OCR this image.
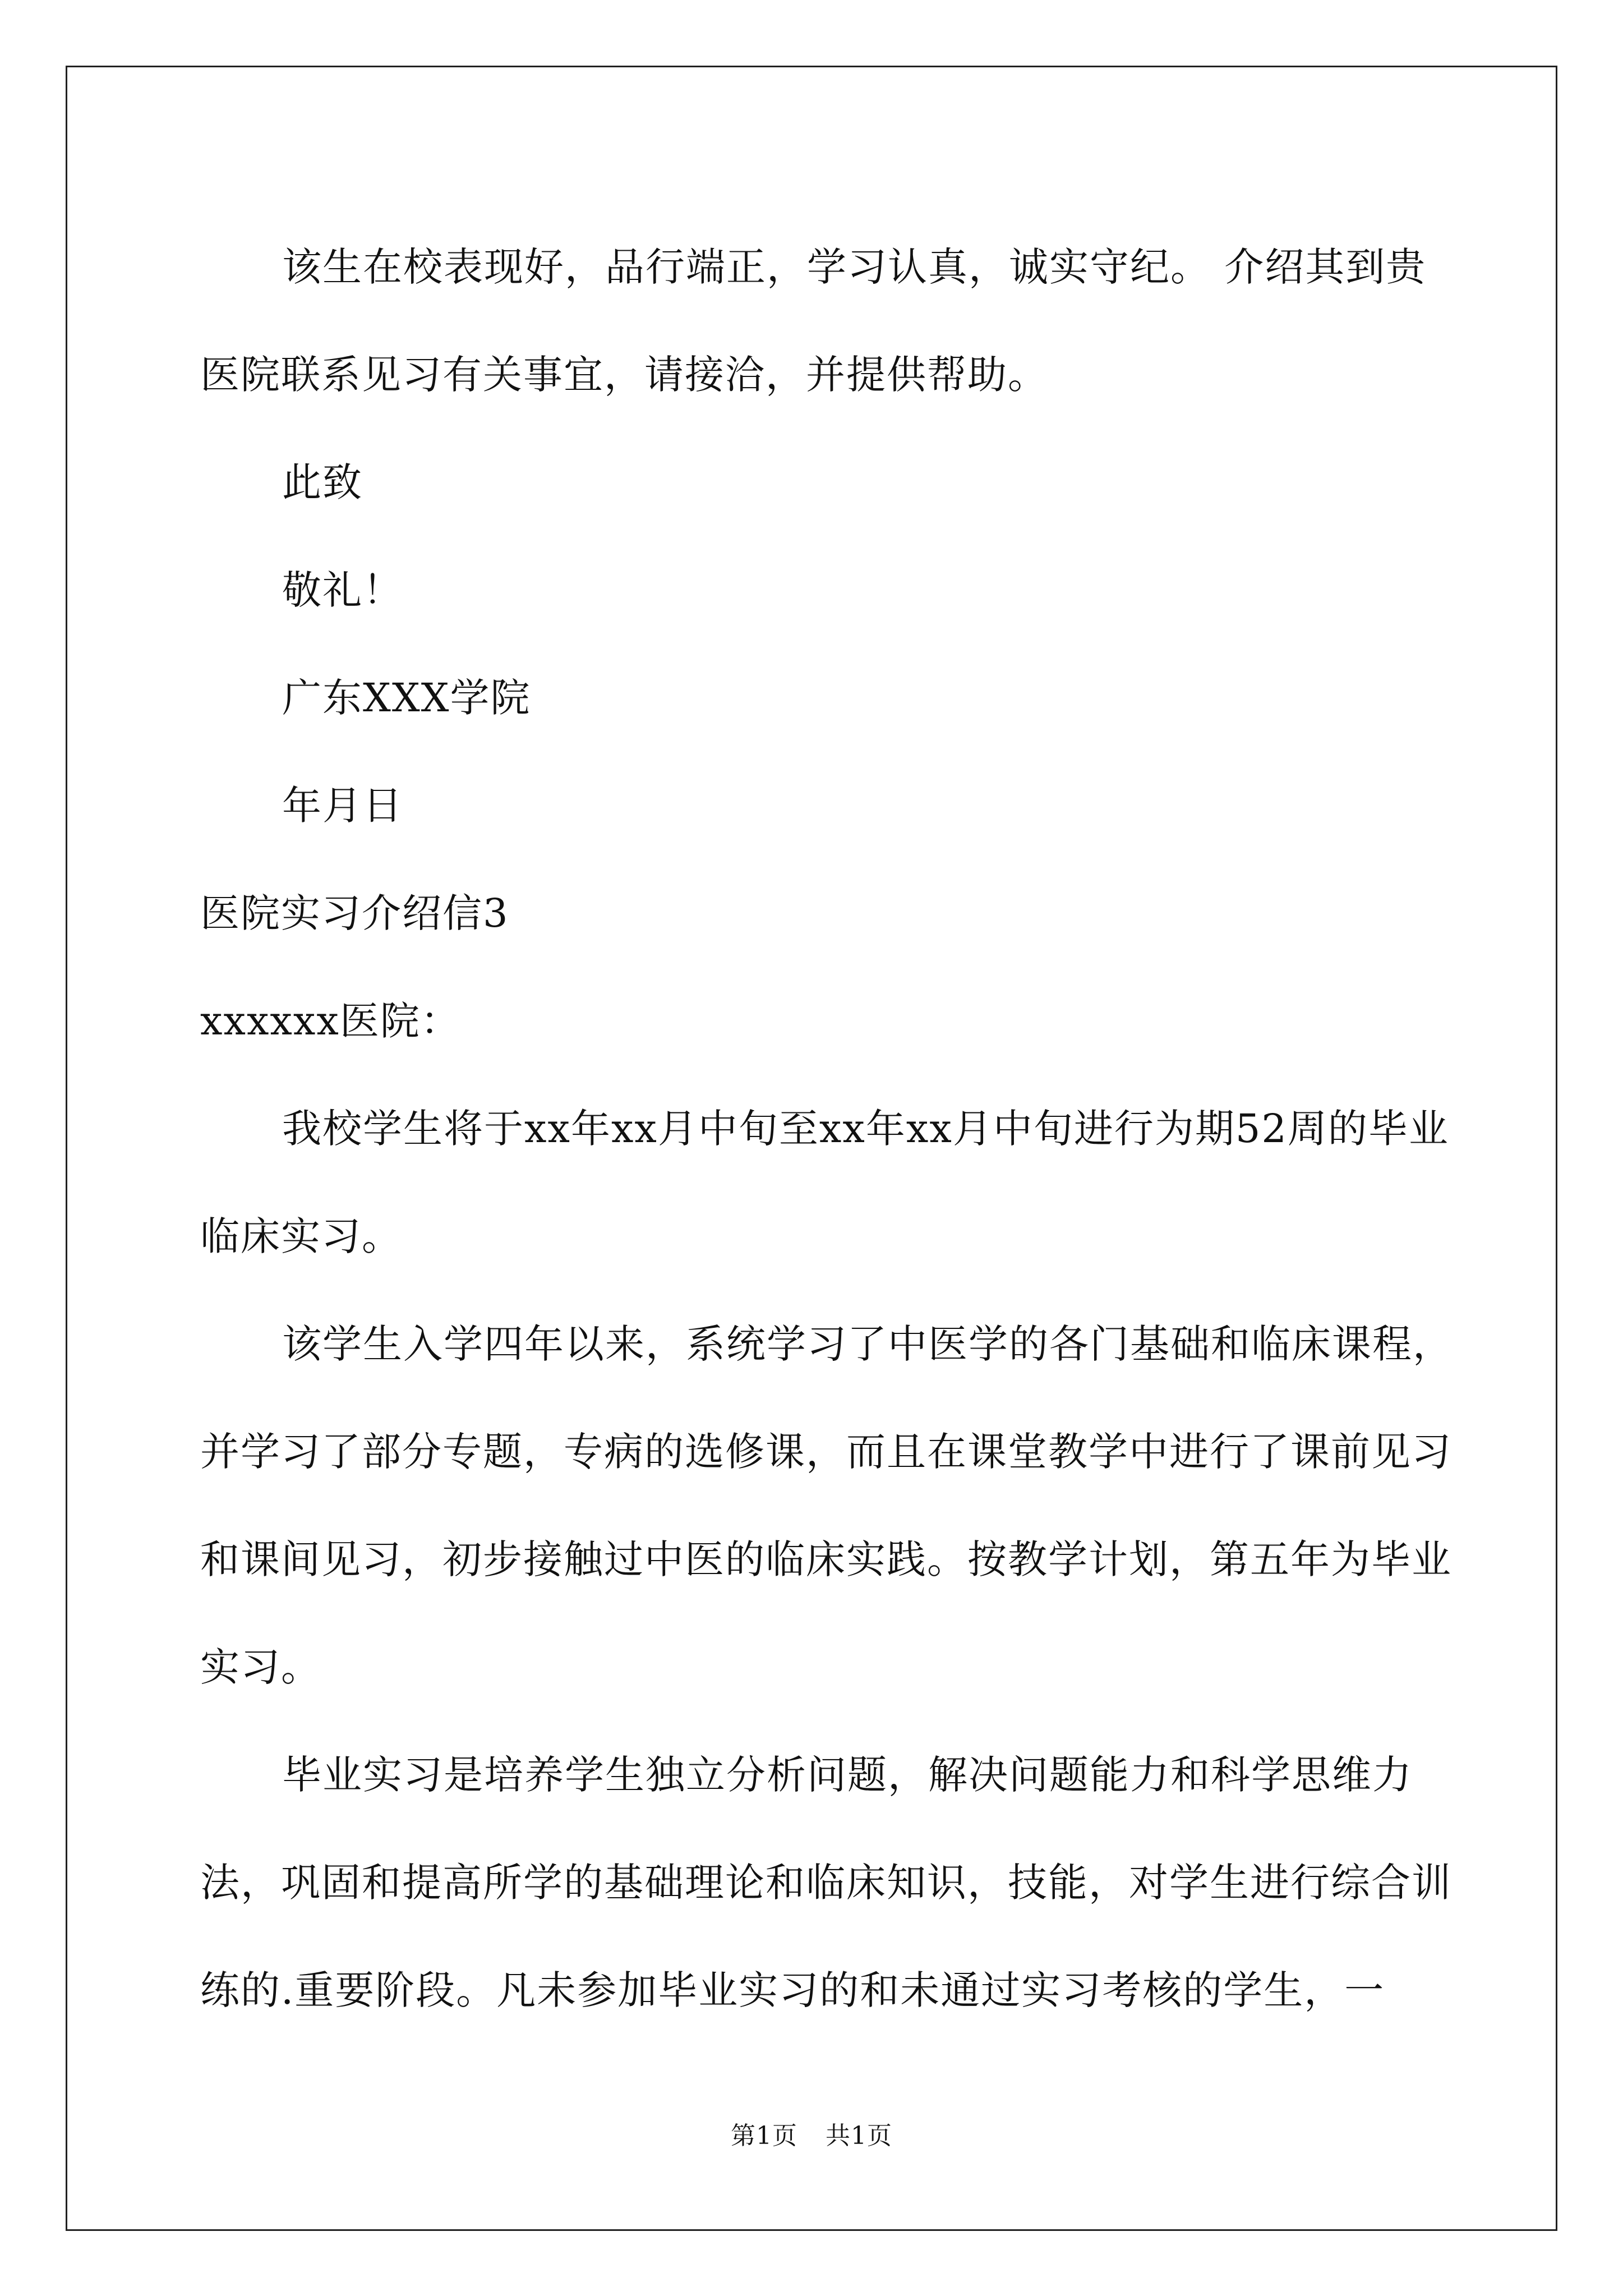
该生在校表现好，品行端正，学习认真，诚实守纪。 介绍其到贵医院联系见习有关事宜，请接洽，并提供帮助。

此致

敬礼！

广东XXX学院

年月日

医院实习介绍信3

xxxxxx医院：

我校学生将于xx年xx月中旬至xx年xx月中旬进行为期52周的毕业临床实习。

该学生入学四年以来，系统学习了中医学的各门基础和临床课程，并学习了部分专题，专病的选修课，而且在课堂教学中进行了课前见习和课间见习，初步接触过中医的临床实践。按教学计划，第五年为毕业实习。

毕业实习是培养学生独立分析问题，解决问题能力和科学思维力法，巩固和提高所学的基础理论和临床知识，技能，对学生进行综合训练的.重要阶段。凡未参加毕业实习的和未通过实习考核的学生，一

第1页 共1页
